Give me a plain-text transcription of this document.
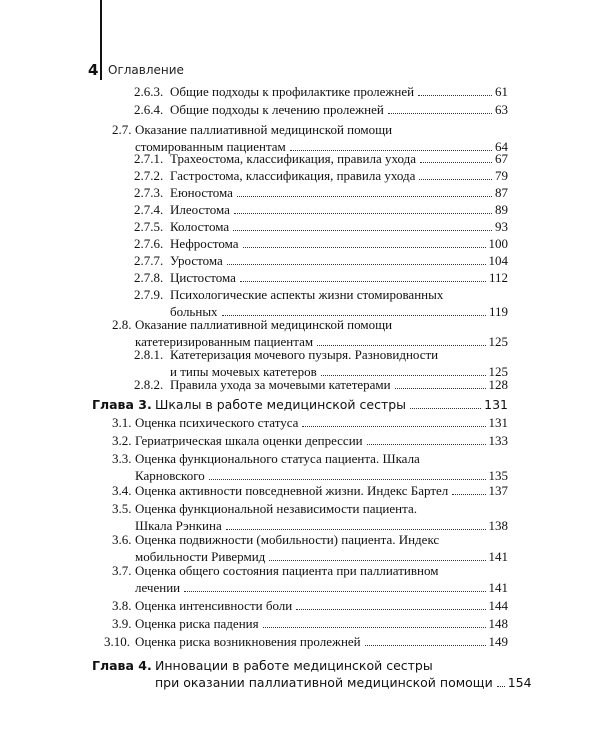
4 Оглавление
2.6.3. Общие подходы к профилактике пролежней	61
2.6.4. Общие подходы к лечению пролежней	63
2.7. Оказание паллиативной медицинской помощи
стомированным пациентам	64
2.7.1. Трахеостома, классификация, правила ухода	67
2.7.2. Гастростома, классификация, правила ухода	79
2.7.3. Еюностома	87
2.7.4. Илеостома	89
2.7.5. Колостома	93
2.7.6. Нефростома	100
2.7.7. Уростома	104
2.7.8. Цистостома	112
2.7.9. Психологические аспекты жизни стомированных
больных	119
2.8. Оказание паллиативной медицинской помощи
катетеризированным пациентам	125
2.8.1. Катетеризация мочевого пузыря. Разновидности
и типы мочевых катетеров	125
2.8.2. Правила ухода за мочевыми катетерами	128
Глава 3. Шкалы в работе медицинской сестры	131
3.1. Оценка психического статуса	131
3.2. Гериатрическая шкала оценки депрессии	133
3.3. Оценка функционального статуса пациента. Шкала
Карновского	135
3.4. Оценка активности повседневной жизни. Индекс Бартел	137
3.5. Оценка функциональной независимости пациента.
Шкала Рэнкина	138
3.6. Оценка подвижности (мобильности) пациента. Индекс
мобильности Ривермид	141
3.7. Оценка общего состояния пациента при паллиативном
лечении	141
3.8. Оценка интенсивности боли	144
3.9. Оценка риска падения	148
3.10. Оценка риска возникновения пролежней	149
Глава 4. Инновации в работе медицинской сестры
при оказании паллиативной медицинской помощи 154
